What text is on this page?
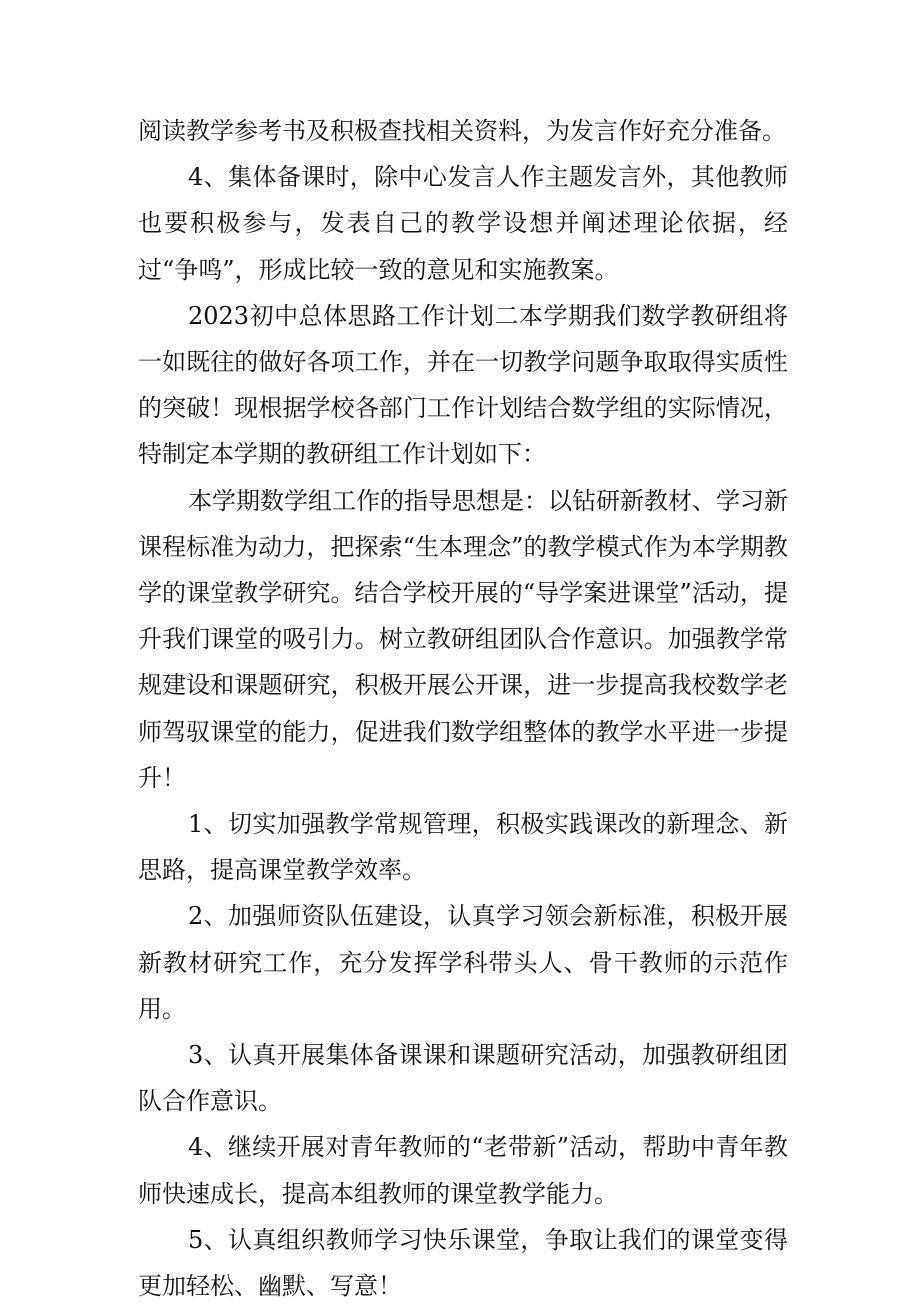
阅读教学参考书及积极查找相关资料，为发言作好充分准备。

4、集体备课时，除中心发言人作主题发言外，其他教师也要积极参与，发表自己的教学设想并阐述理论依据，经过“争鸣”，形成比较一致的意见和实施教案。

2023初中总体思路工作计划二本学期我们数学教研组将一如既往的做好各项工作，并在一切教学问题争取取得实质性的突破！现根据学校各部门工作计划结合数学组的实际情况，特制定本学期的教研组工作计划如下：

本学期数学组工作的指导思想是：以钻研新教材、学习新课程标准为动力，把探索“生本理念”的教学模式作为本学期教学的课堂教学研究。结合学校开展的“导学案进课堂”活动，提升我们课堂的吸引力。树立教研组团队合作意识。加强教学常规建设和课题研究，积极开展公开课，进一步提高我校数学老师驾驭课堂的能力，促进我们数学组整体的教学水平进一步提升！

1、切实加强教学常规管理，积极实践课改的新理念、新思路，提高课堂教学效率。

2、加强师资队伍建设，认真学习领会新标准，积极开展新教材研究工作，充分发挥学科带头人、骨干教师的示范作用。

3、认真开展集体备课课和课题研究活动，加强教研组团队合作意识。

4、继续开展对青年教师的“老带新”活动，帮助中青年教师快速成长，提高本组教师的课堂教学能力。

5、认真组织教师学习快乐课堂，争取让我们的课堂变得更加轻松、幽默、写意！
